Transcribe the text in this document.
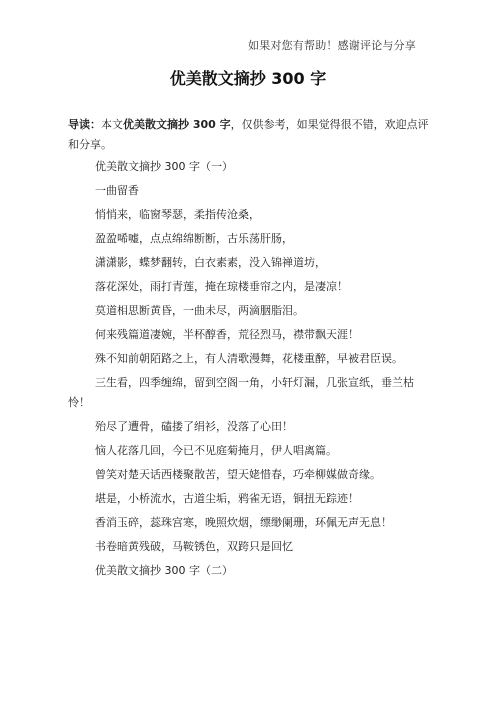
如果对您有帮助！感谢评论与分享
优美散文摘抄 300 字

导读：本文优美散文摘抄 300 字，仅供参考，如果觉得很不错，欢迎点评和分享。

优美散文摘抄 300 字（一）

一曲留香

悄悄来，临窗琴瑟，柔指传沧桑，

盈盈唏嘘，点点绵绵断断，古乐荡肝肠，

潇潇影，蝶梦翻转，白衣素素，没入锦禅道坊，

落花深处，雨打青莲，掩在琼楼垂帘之内，是凄凉！

莫道相思断黄昏，一曲未尽，两滴胭脂泪。

何来残篇道凄婉，半杯醇香，荒径烈马，襟带飘天涯！

殊不知前朝陌路之上，有人清歌漫舞，花楼重醉，早被君臣误。

三生看，四季缠绵，留到空阁一角，小轩灯漏，几张宣纸，垂兰枯怜！

殆尽了遭骨，磕搂了绢衫，没落了心田！

恼人花落几回，今已不见庭菊掩月，伊人唱离篇。

曾笑对楚天话西楼聚散苦，望天姥惜春，巧牵柳媒做奇缘。

堪是，小桥流水，古道尘垢，鸦雀无语，铜扭无踪迹！

香消玉碎，蕊珠宫寒，晚照炊烟，缥缈阑珊，环佩无声无息！

书卷暗黄残破，马鞍锈色，双跨只是回忆

优美散文摘抄 300 字（二）
